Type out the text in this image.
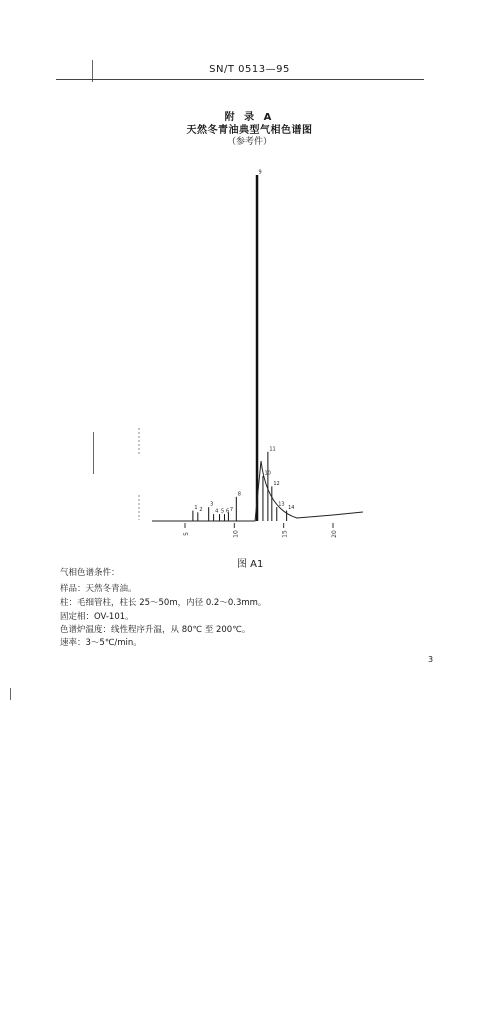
SN/T 0513—95
附 录 A
天然冬青油典型气相色谱图
（参考件）
5	10	15	20
1 2
3
4 5 6 7
8
9
10
11
12
13
14
图 A1
气相色谱条件：
样品：天然冬青油。
柱：毛细管柱，柱长 25～50m，内径 0.2～0.3mm。
固定相：OV-101。
色谱炉温度：线性程序升温，从 80℃ 至 200℃。
速率：3～5℃/min。
3
